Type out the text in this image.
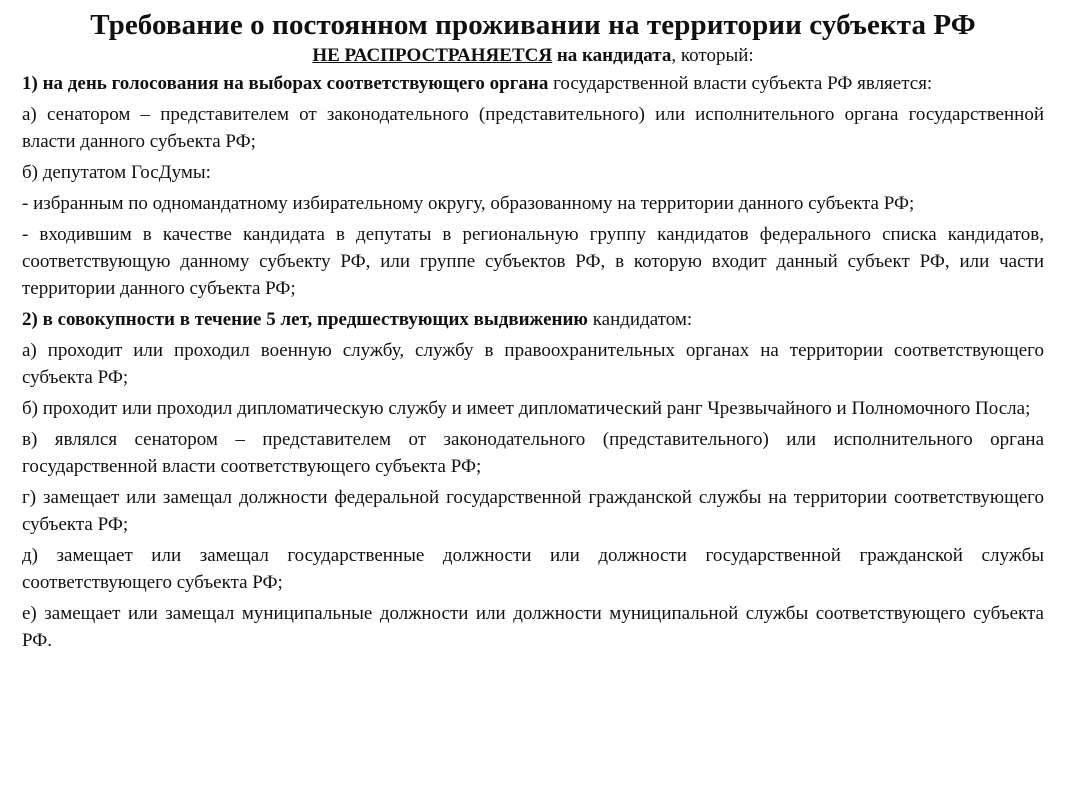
Требование о постоянном проживании на территории субъекта РФ
НЕ РАСПРОСТРАНЯЕТСЯ на кандидата, который:
1) на день голосования на выборах соответствующего органа государственной власти субъекта РФ является:
а) сенатором – представителем от законодательного (представительного) или исполнительного органа государственной власти данного субъекта РФ;
б) депутатом ГосДумы:
- избранным по одномандатному избирательному округу, образованному на территории данного субъекта РФ;
- входившим в качестве кандидата в депутаты в региональную группу кандидатов федерального списка кандидатов, соответствующую данному субъекту РФ, или группе субъектов РФ, в которую входит данный субъект РФ, или части территории данного субъекта РФ;
2) в совокупности в течение 5 лет, предшествующих выдвижению кандидатом:
а) проходит или проходил военную службу, службу в правоохранительных органах на территории соответствующего субъекта РФ;
б) проходит или проходил дипломатическую службу и имеет дипломатический ранг Чрезвычайного и Полномочного Посла;
в) являлся сенатором – представителем от законодательного (представительного) или исполнительного органа государственной власти соответствующего субъекта РФ;
г) замещает или замещал должности федеральной государственной гражданской службы на территории соответствующего субъекта РФ;
д) замещает или замещал государственные должности или должности государственной гражданской службы соответствующего субъекта РФ;
е) замещает или замещал муниципальные должности или должности муниципальной службы соответствующего субъекта РФ.
